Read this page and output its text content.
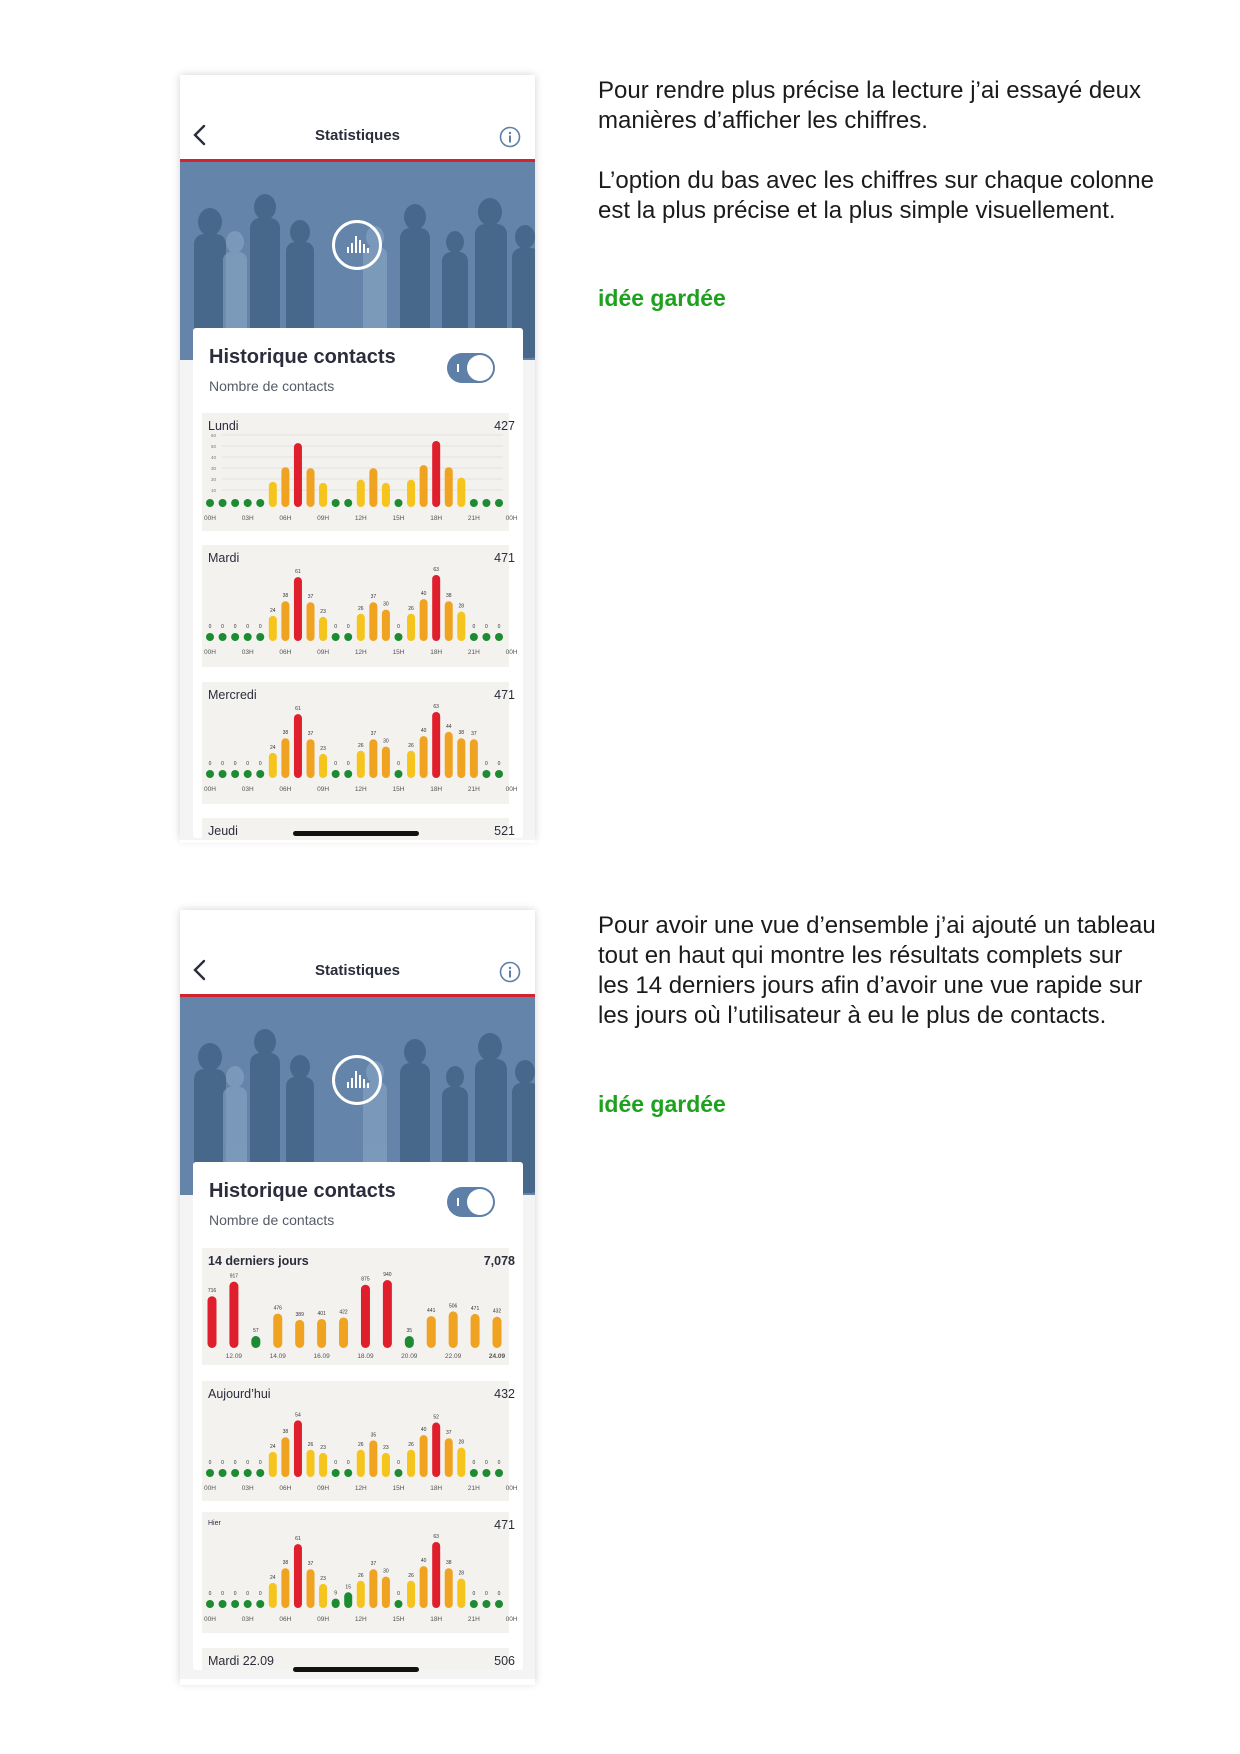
Statistiques
Historique contacts
Nombre de contacts
Lundi	427
60
50
40
30
20
10
00H	03H	06H	09H	12H	15H	18H	21H	00H
Mardi	471
0 0 0 0 0
24
38
61
37
23
0 0
26
37
30
0
26
40
63
38
28
0 0 0
00H	03H	06H	09H	12H	15H	18H	21H	00H
Mercredi	471
0 0 0 0 0
24
38
61
37
23
0 0
26
37
30
0
26
40
63
44
38 37
0 0
00H	03H	06H	09H	12H	15H	18H	21H	00H
Jeudi	521

Pour rendre plus précise la lecture j’ai essayé deux manières d’afficher les chiffres.

L’option du bas avec les chiffres sur chaque colonne est la plus précise et la plus simple visuellement.

idée gardée
Statistiques
Historique contacts
Nombre de contacts
14 derniers jours	7,078
716
917
57
476
389	401	422
875
940
35
441
506	471	432
12.09	14.09	16.09	18.09	20.09	22.09	24.09
Aujourd’hui	432
0 0 0 0 0
24
38
54
26
23
0 0
26
35
23
0
26
40
52
37
28
0 0 0
00H	03H	06H	09H	12H	15H	18H	21H	00H
Hier	471
0 0 0 0 0
24
38
61
37
23
9
15
26
37
30
0
26
40
63
38
28
0 0 0
00H	03H	06H	09H	12H	15H	18H	21H	00H
Mardi 22.09	506

Pour avoir une vue d’ensemble j’ai ajouté un tableau tout en haut qui montre les résultats complets sur les 14 derniers jours afin d’avoir une vue rapide sur les jours où l’utilisateur à eu le plus de contacts.

idée gardée
